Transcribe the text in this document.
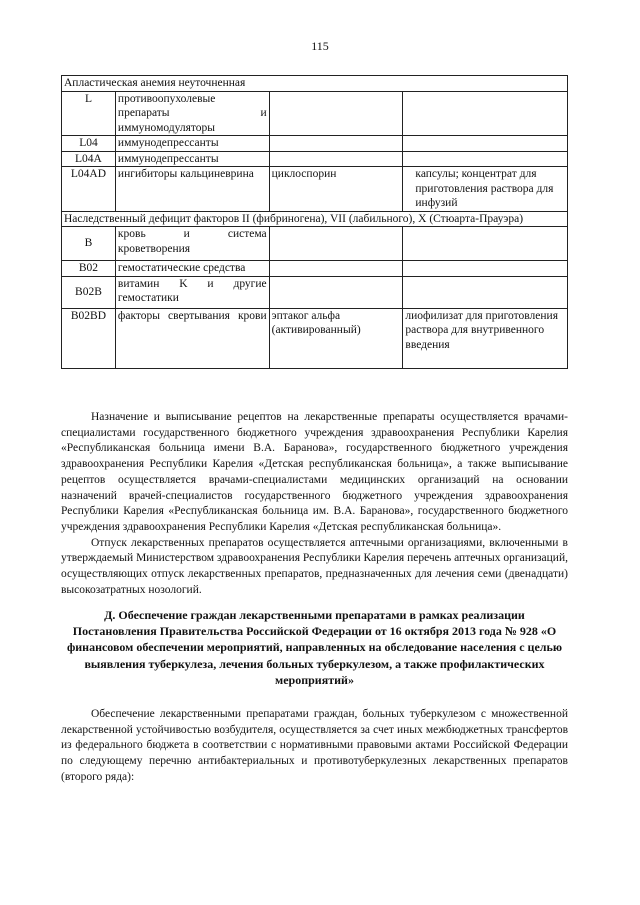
115
Апластическая анемия неуточненная			
L	противоопухолевые препараты и иммуномодуляторы		
L04	иммунодепрессанты		
L04A	иммунодепрессанты		
L04AD	ингибиторы кальциневрина	циклоспорин	капсулы; концентрат для приготовления раствора для инфузий
Наследственный дефицит факторов II (фибриногена), VII (лабильного), X (Стюарта-Прауэра)			
B	кровь и система кроветворения		
B02	гемостатические средства		
B02B	витамин K и другие гемостатики		
B02BD	факторы свертывания крови	эптаког альфа (активированный)	лиофилизат для приготовления раствора для внутривенного введения

Назначение и выписывание рецептов на лекарственные препараты осуществляется врачами-специалистами государственного бюджетного учреждения здравоохранения Республики Карелия «Республиканская больница имени В.А. Баранова», государственного бюджетного учреждения здравоохранения Республики Карелия «Детская республиканская больница», а также выписывание рецептов осуществляется врачами-специалистами медицинских организаций на основании назначений врачей-специалистов государственного бюджетного учреждения здравоохранения Республики Карелия «Республиканская больница им. В.А. Баранова», государственного бюджетного учреждения здравоохранения Республики Карелия «Детская республиканская больница».

Отпуск лекарственных препаратов осуществляется аптечными организациями, включенными в утверждаемый Министерством здравоохранения Республики Карелия перечень аптечных организаций, осуществляющих отпуск лекарственных препаратов, предназначенных для лечения семи (двенадцати) высокозатратных нозологий.

Д. Обеспечение граждан лекарственными препаратами в рамках реализации Постановления Правительства Российской Федерации от 16 октября 2013 года № 928 «О финансовом обеспечении мероприятий, направленных на обследование населения с целью выявления туберкулеза, лечения больных туберкулезом, а также профилактических мероприятий»

Обеспечение лекарственными препаратами граждан, больных туберкулезом с множественной лекарственной устойчивостью возбудителя, осуществляется за счет иных межбюджетных трансфертов из федерального бюджета в соответствии с нормативными правовыми актами Российской Федерации по следующему перечню антибактериальных и противотуберкулезных лекарственных препаратов (второго ряда):
